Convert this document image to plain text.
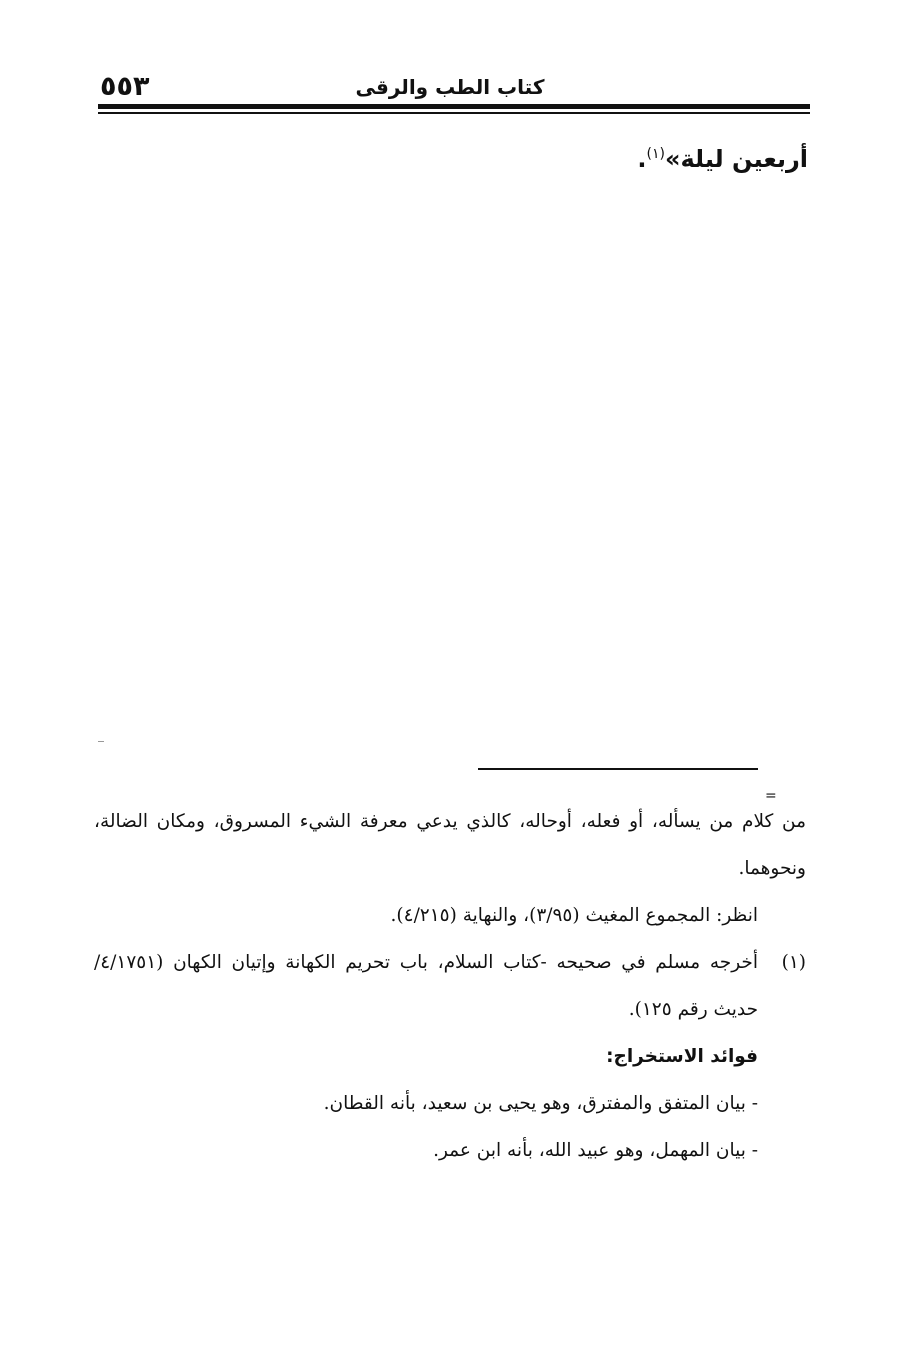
٥٥٣	كتاب الطب والرقى
أربعين ليلة»$^{(١)}$.
=

من كلام من يسأله، أو فعله، أوحاله، كالذي يدعي معرفة الشيء المسروق، ومكان الضالة، ونحوهما.

انظر: المجموع المغيث (٣/٩٥)، والنهاية (٤/٢١٥).

(١)
أخرجه مسلم في صحيحه -كتاب السلام، باب تحريم الكهانة وإتيان الكهان (٤/١٧٥١/ حديث رقم ١٢٥).

فوائد الاستخراج:

- بيان المتفق والمفترق، وهو يحيى بن سعيد، بأنه القطان.

- بيان المهمل، وهو عبيد الله، بأنه ابن عمر.
